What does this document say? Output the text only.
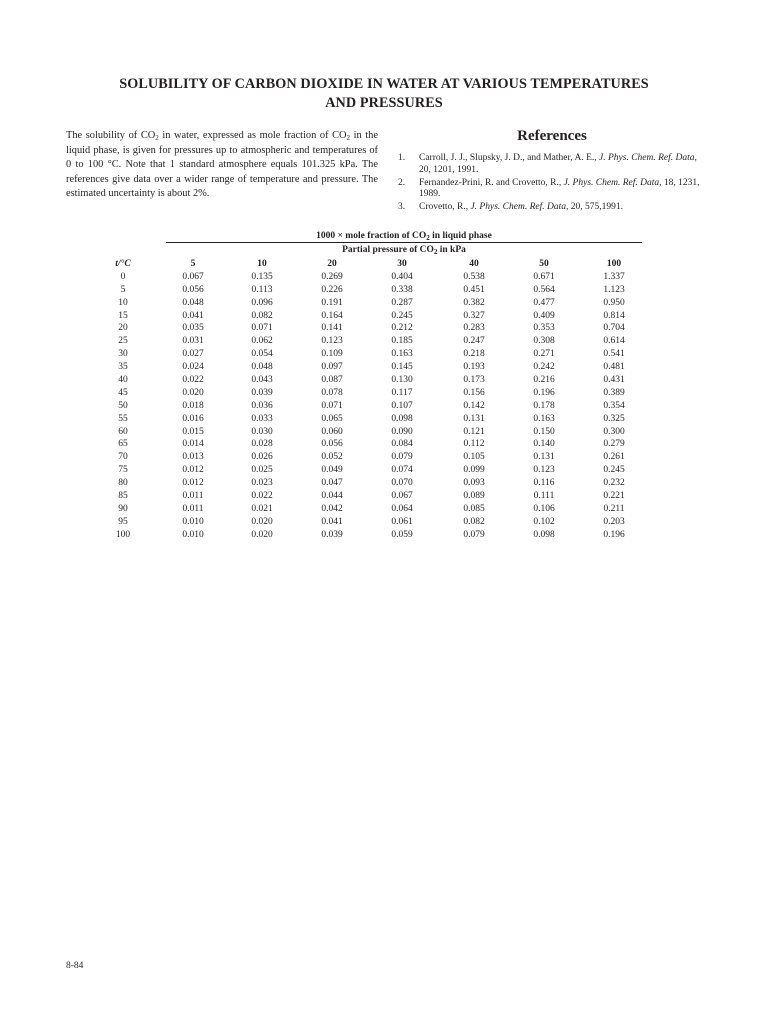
SOLUBILITY OF CARBON DIOXIDE IN WATER AT VARIOUS TEMPERATURES
AND PRESSURES

The solubility of $CO_2$ in water, expressed as mole fraction of $CO_2$ in the liquid phase, is given for pressures up to atmospheric and temperatures of 0 to 100 °C. Note that 1 standard atmosphere equals 101.325 kPa. The references give data over a wider range of temperature and pressure. The estimated uncertainty is about 2%.

References
1. Carroll, J. J., Slupsky, J. D., and Mather, A. E., J. Phys. Chem. Ref. Data, 20, 1201, 1991.
2. Fernandez-Prini, R. and Crovetto, R., J. Phys. Chem. Ref. Data, 18, 1231, 1989.
3. Crovetto, R., J. Phys. Chem. Ref. Data, 20, 575,1991.
1000 × mole fraction of $CO_2$ in liquid phase
Partial pressure of $CO_2$ in kPa
t/°C	5	10	20	30	40	50	100
0	0.067	0.135	0.269	0.404	0.538	0.671	1.337
5	0.056	0.113	0.226	0.338	0.451	0.564	1.123
10	0.048	0.096	0.191	0.287	0.382	0.477	0.950
15	0.041	0.082	0.164	0.245	0.327	0.409	0.814
20	0.035	0.071	0.141	0.212	0.283	0.353	0.704
25	0.031	0.062	0.123	0.185	0.247	0.308	0.614
30	0.027	0.054	0.109	0.163	0.218	0.271	0.541
35	0.024	0.048	0.097	0.145	0.193	0.242	0.481
40	0.022	0.043	0.087	0.130	0.173	0.216	0.431
45	0.020	0.039	0.078	0.117	0.156	0.196	0.389
50	0.018	0.036	0.071	0.107	0.142	0.178	0.354
55	0.016	0.033	0.065	0.098	0.131	0.163	0.325
60	0.015	0.030	0.060	0.090	0.121	0.150	0.300
65	0.014	0.028	0.056	0.084	0.112	0.140	0.279
70	0.013	0.026	0.052	0.079	0.105	0.131	0.261
75	0.012	0.025	0.049	0.074	0.099	0.123	0.245
80	0.012	0.023	0.047	0.070	0.093	0.116	0.232
85	0.011	0.022	0.044	0.067	0.089	0.111	0.221
90	0.011	0.021	0.042	0.064	0.085	0.106	0.211
95	0.010	0.020	0.041	0.061	0.082	0.102	0.203
100	0.010	0.020	0.039	0.059	0.079	0.098	0.196
8-84
